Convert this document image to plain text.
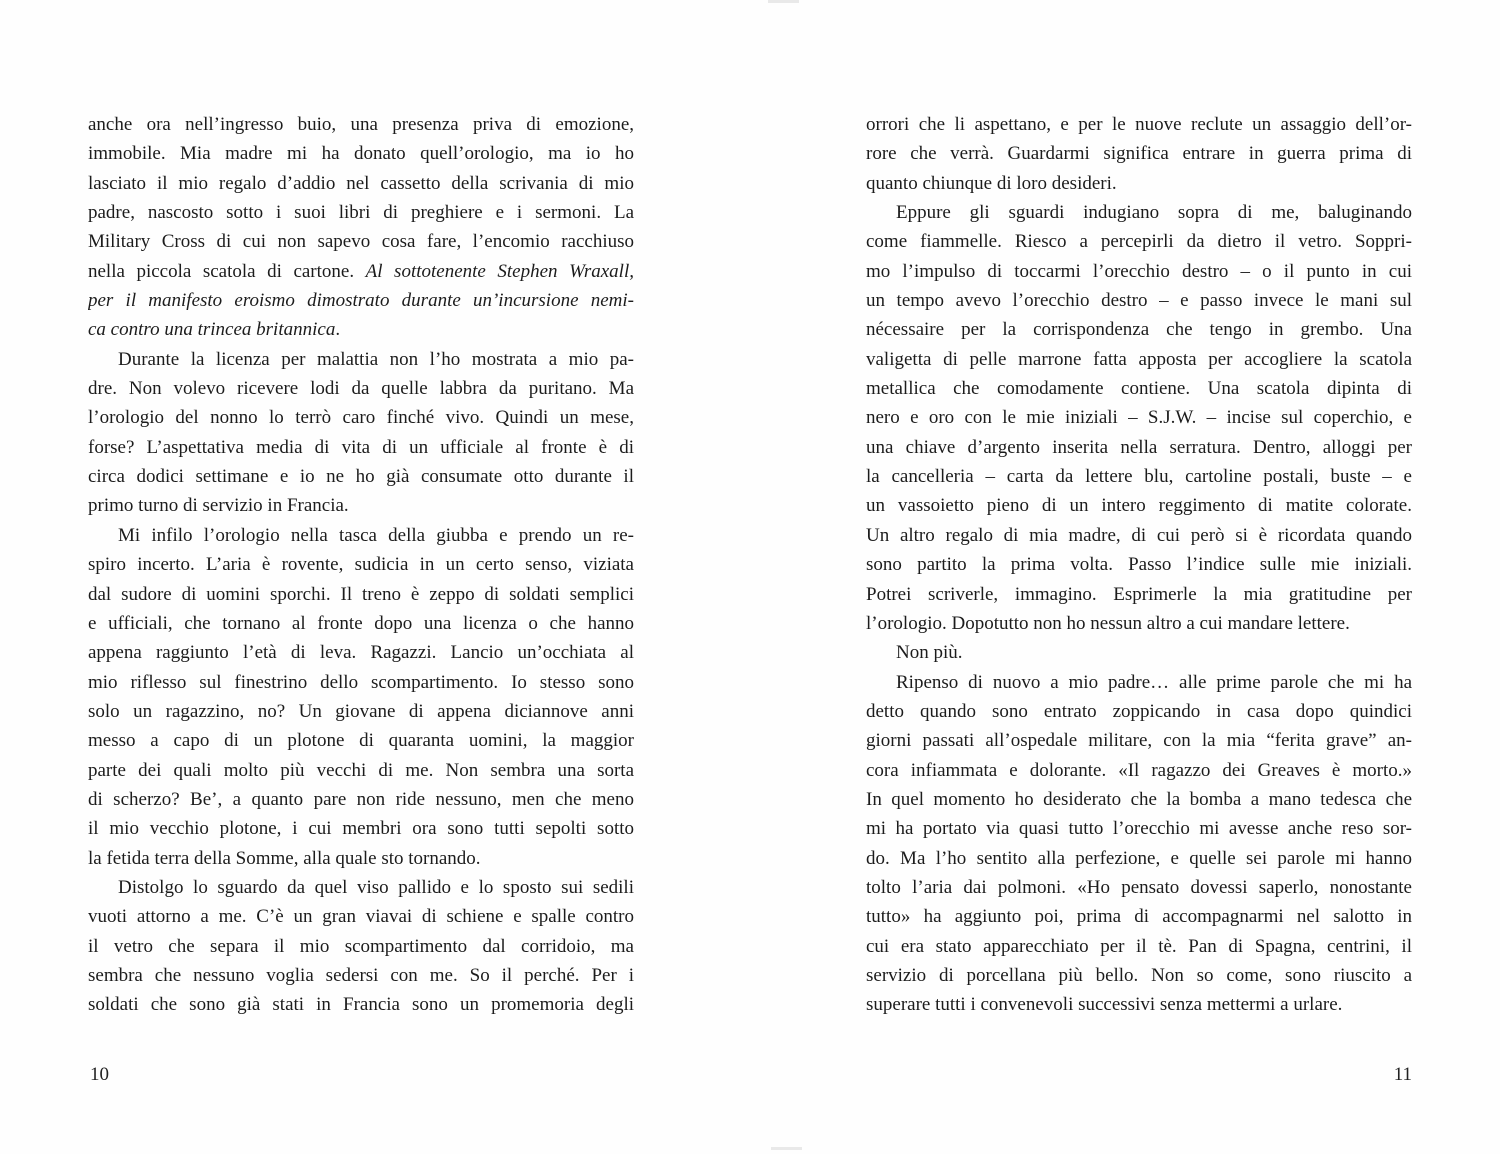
anche ora nell’ingresso buio, una presenza priva di emozione,
immobile. Mia madre mi ha donato quell’orologio, ma io ho
lasciato il mio regalo d’addio nel cassetto della scrivania di mio
padre, nascosto sotto i suoi libri di preghiere e i sermoni. La
Military Cross di cui non sapevo cosa fare, l’encomio racchiuso
nella piccola scatola di cartone. Al sottotenente Stephen Wraxall,
per il manifesto eroismo dimostrato durante un’incursione nemi-
ca contro una trincea britannica.
Durante la licenza per malattia non l’ho mostrata a mio pa-
dre. Non volevo ricevere lodi da quelle labbra da puritano. Ma
l’orologio del nonno lo terrò caro finché vivo. Quindi un mese,
forse? L’aspettativa media di vita di un ufficiale al fronte è di
circa dodici settimane e io ne ho già consumate otto durante il
primo turno di servizio in Francia.
Mi infilo l’orologio nella tasca della giubba e prendo un re-
spiro incerto. L’aria è rovente, sudicia in un certo senso, viziata
dal sudore di uomini sporchi. Il treno è zeppo di soldati semplici
e ufficiali, che tornano al fronte dopo una licenza o che hanno
appena raggiunto l’età di leva. Ragazzi. Lancio un’occhiata al
mio riflesso sul finestrino dello scompartimento. Io stesso sono
solo un ragazzino, no? Un giovane di appena diciannove anni
messo a capo di un plotone di quaranta uomini, la maggior
parte dei quali molto più vecchi di me. Non sembra una sorta
di scherzo? Be’, a quanto pare non ride nessuno, men che meno
il mio vecchio plotone, i cui membri ora sono tutti sepolti sotto
la fetida terra della Somme, alla quale sto tornando.
Distolgo lo sguardo da quel viso pallido e lo sposto sui sedili
vuoti attorno a me. C’è un gran viavai di schiene e spalle contro
il vetro che separa il mio scompartimento dal corridoio, ma
sembra che nessuno voglia sedersi con me. So il perché. Per i
soldati che sono già stati in Francia sono un promemoria degli
orrori che li aspettano, e per le nuove reclute un assaggio dell’or-
rore che verrà. Guardarmi significa entrare in guerra prima di
quanto chiunque di loro desideri.
Eppure gli sguardi indugiano sopra di me, baluginando
come fiammelle. Riesco a percepirli da dietro il vetro. Soppri-
mo l’impulso di toccarmi l’orecchio destro – o il punto in cui
un tempo avevo l’orecchio destro – e passo invece le mani sul
nécessaire per la corrispondenza che tengo in grembo. Una
valigetta di pelle marrone fatta apposta per accogliere la scatola
metallica che comodamente contiene. Una scatola dipinta di
nero e oro con le mie iniziali – S.J.W. – incise sul coperchio, e
una chiave d’argento inserita nella serratura. Dentro, alloggi per
la cancelleria – carta da lettere blu, cartoline postali, buste – e
un vassoietto pieno di un intero reggimento di matite colorate.
Un altro regalo di mia madre, di cui però si è ricordata quando
sono partito la prima volta. Passo l’indice sulle mie iniziali.
Potrei scriverle, immagino. Esprimerle la mia gratitudine per
l’orologio. Dopotutto non ho nessun altro a cui mandare lettere.
Non più.
Ripenso di nuovo a mio padre… alle prime parole che mi ha
detto quando sono entrato zoppicando in casa dopo quindici
giorni passati all’ospedale militare, con la mia “ferita grave” an-
cora infiammata e dolorante. «Il ragazzo dei Greaves è morto.»
In quel momento ho desiderato che la bomba a mano tedesca che
mi ha portato via quasi tutto l’orecchio mi avesse anche reso sor-
do. Ma l’ho sentito alla perfezione, e quelle sei parole mi hanno
tolto l’aria dai polmoni. «Ho pensato dovessi saperlo, nonostante
tutto» ha aggiunto poi, prima di accompagnarmi nel salotto in
cui era stato apparecchiato per il tè. Pan di Spagna, centrini, il
servizio di porcellana più bello. Non so come, sono riuscito a
superare tutti i convenevoli successivi senza mettermi a urlare.
10	11
